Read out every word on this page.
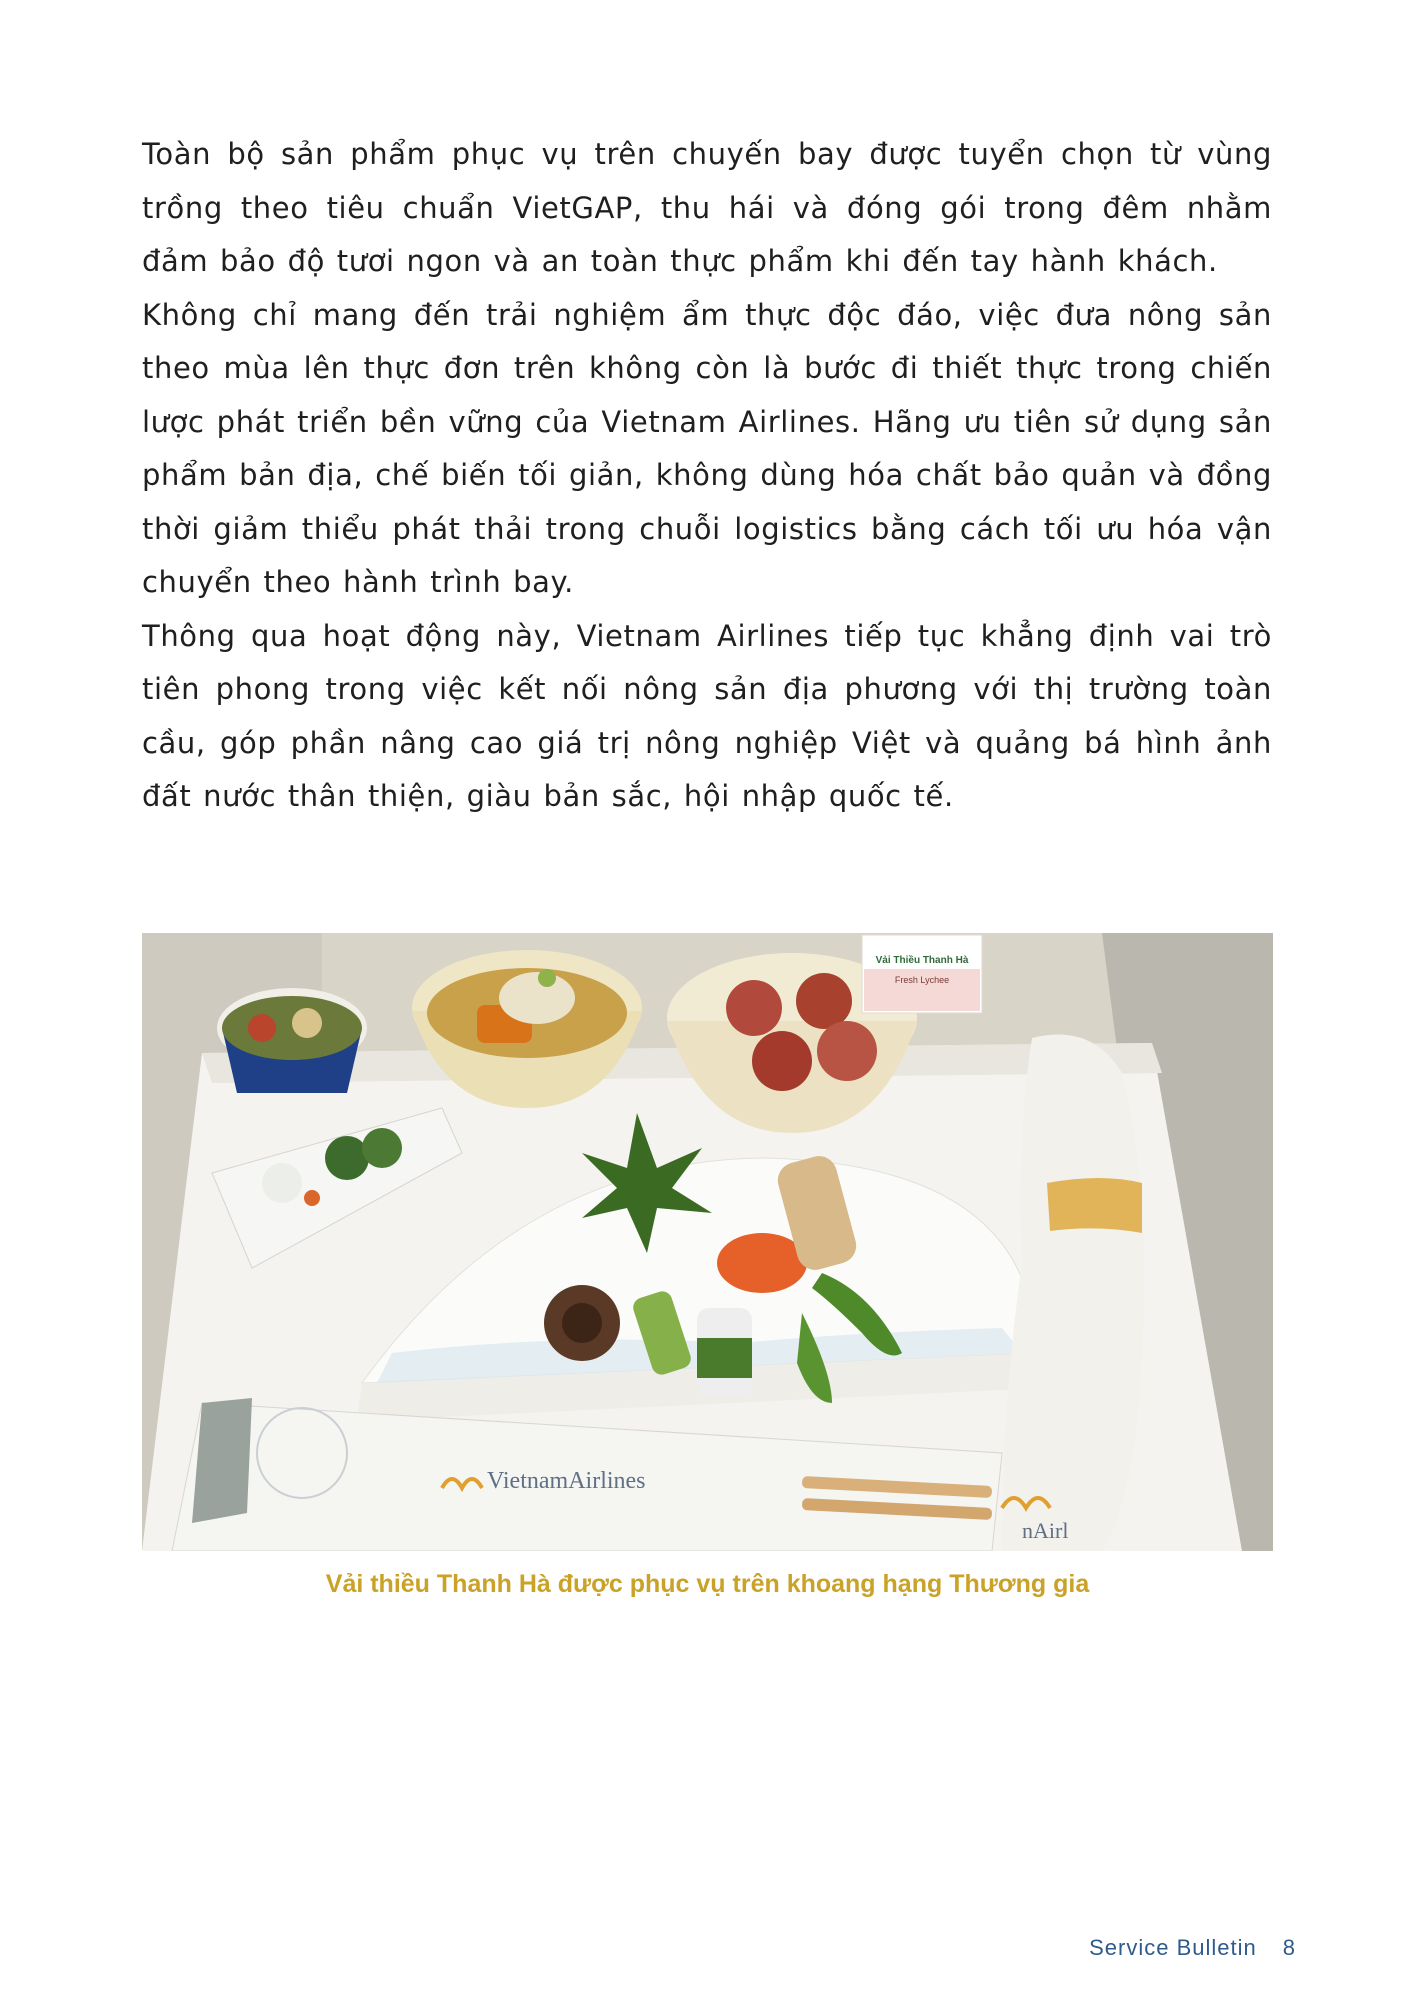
Toàn bộ sản phẩm phục vụ trên chuyến bay được tuyển chọn từ vùng trồng theo tiêu chuẩn VietGAP, thu hái và đóng gói trong đêm nhằm đảm bảo độ tươi ngon và an toàn thực phẩm khi đến tay hành khách.

Không chỉ mang đến trải nghiệm ẩm thực độc đáo, việc đưa nông sản theo mùa lên thực đơn trên không còn là bước đi thiết thực trong chiến lược phát triển bền vững của Vietnam Airlines. Hãng ưu tiên sử dụng sản phẩm bản địa, chế biến tối giản, không dùng hóa chất bảo quản và đồng thời giảm thiểu phát thải trong chuỗi logistics bằng cách tối ưu hóa vận chuyển theo hành trình bay.

Thông qua hoạt động này, Vietnam Airlines tiếp tục khẳng định vai trò tiên phong trong việc kết nối nông sản địa phương với thị trường toàn cầu, góp phần nâng cao giá trị nông nghiệp Việt và quảng bá hình ảnh đất nước thân thiện, giàu bản sắc, hội nhập quốc tế.

Vải Thiều Thanh Hà
Fresh Lychee
VietnamAirlines
nAirl
Vải thiều Thanh Hà được phục vụ trên khoang hạng Thương gia
Service Bulletin 8
